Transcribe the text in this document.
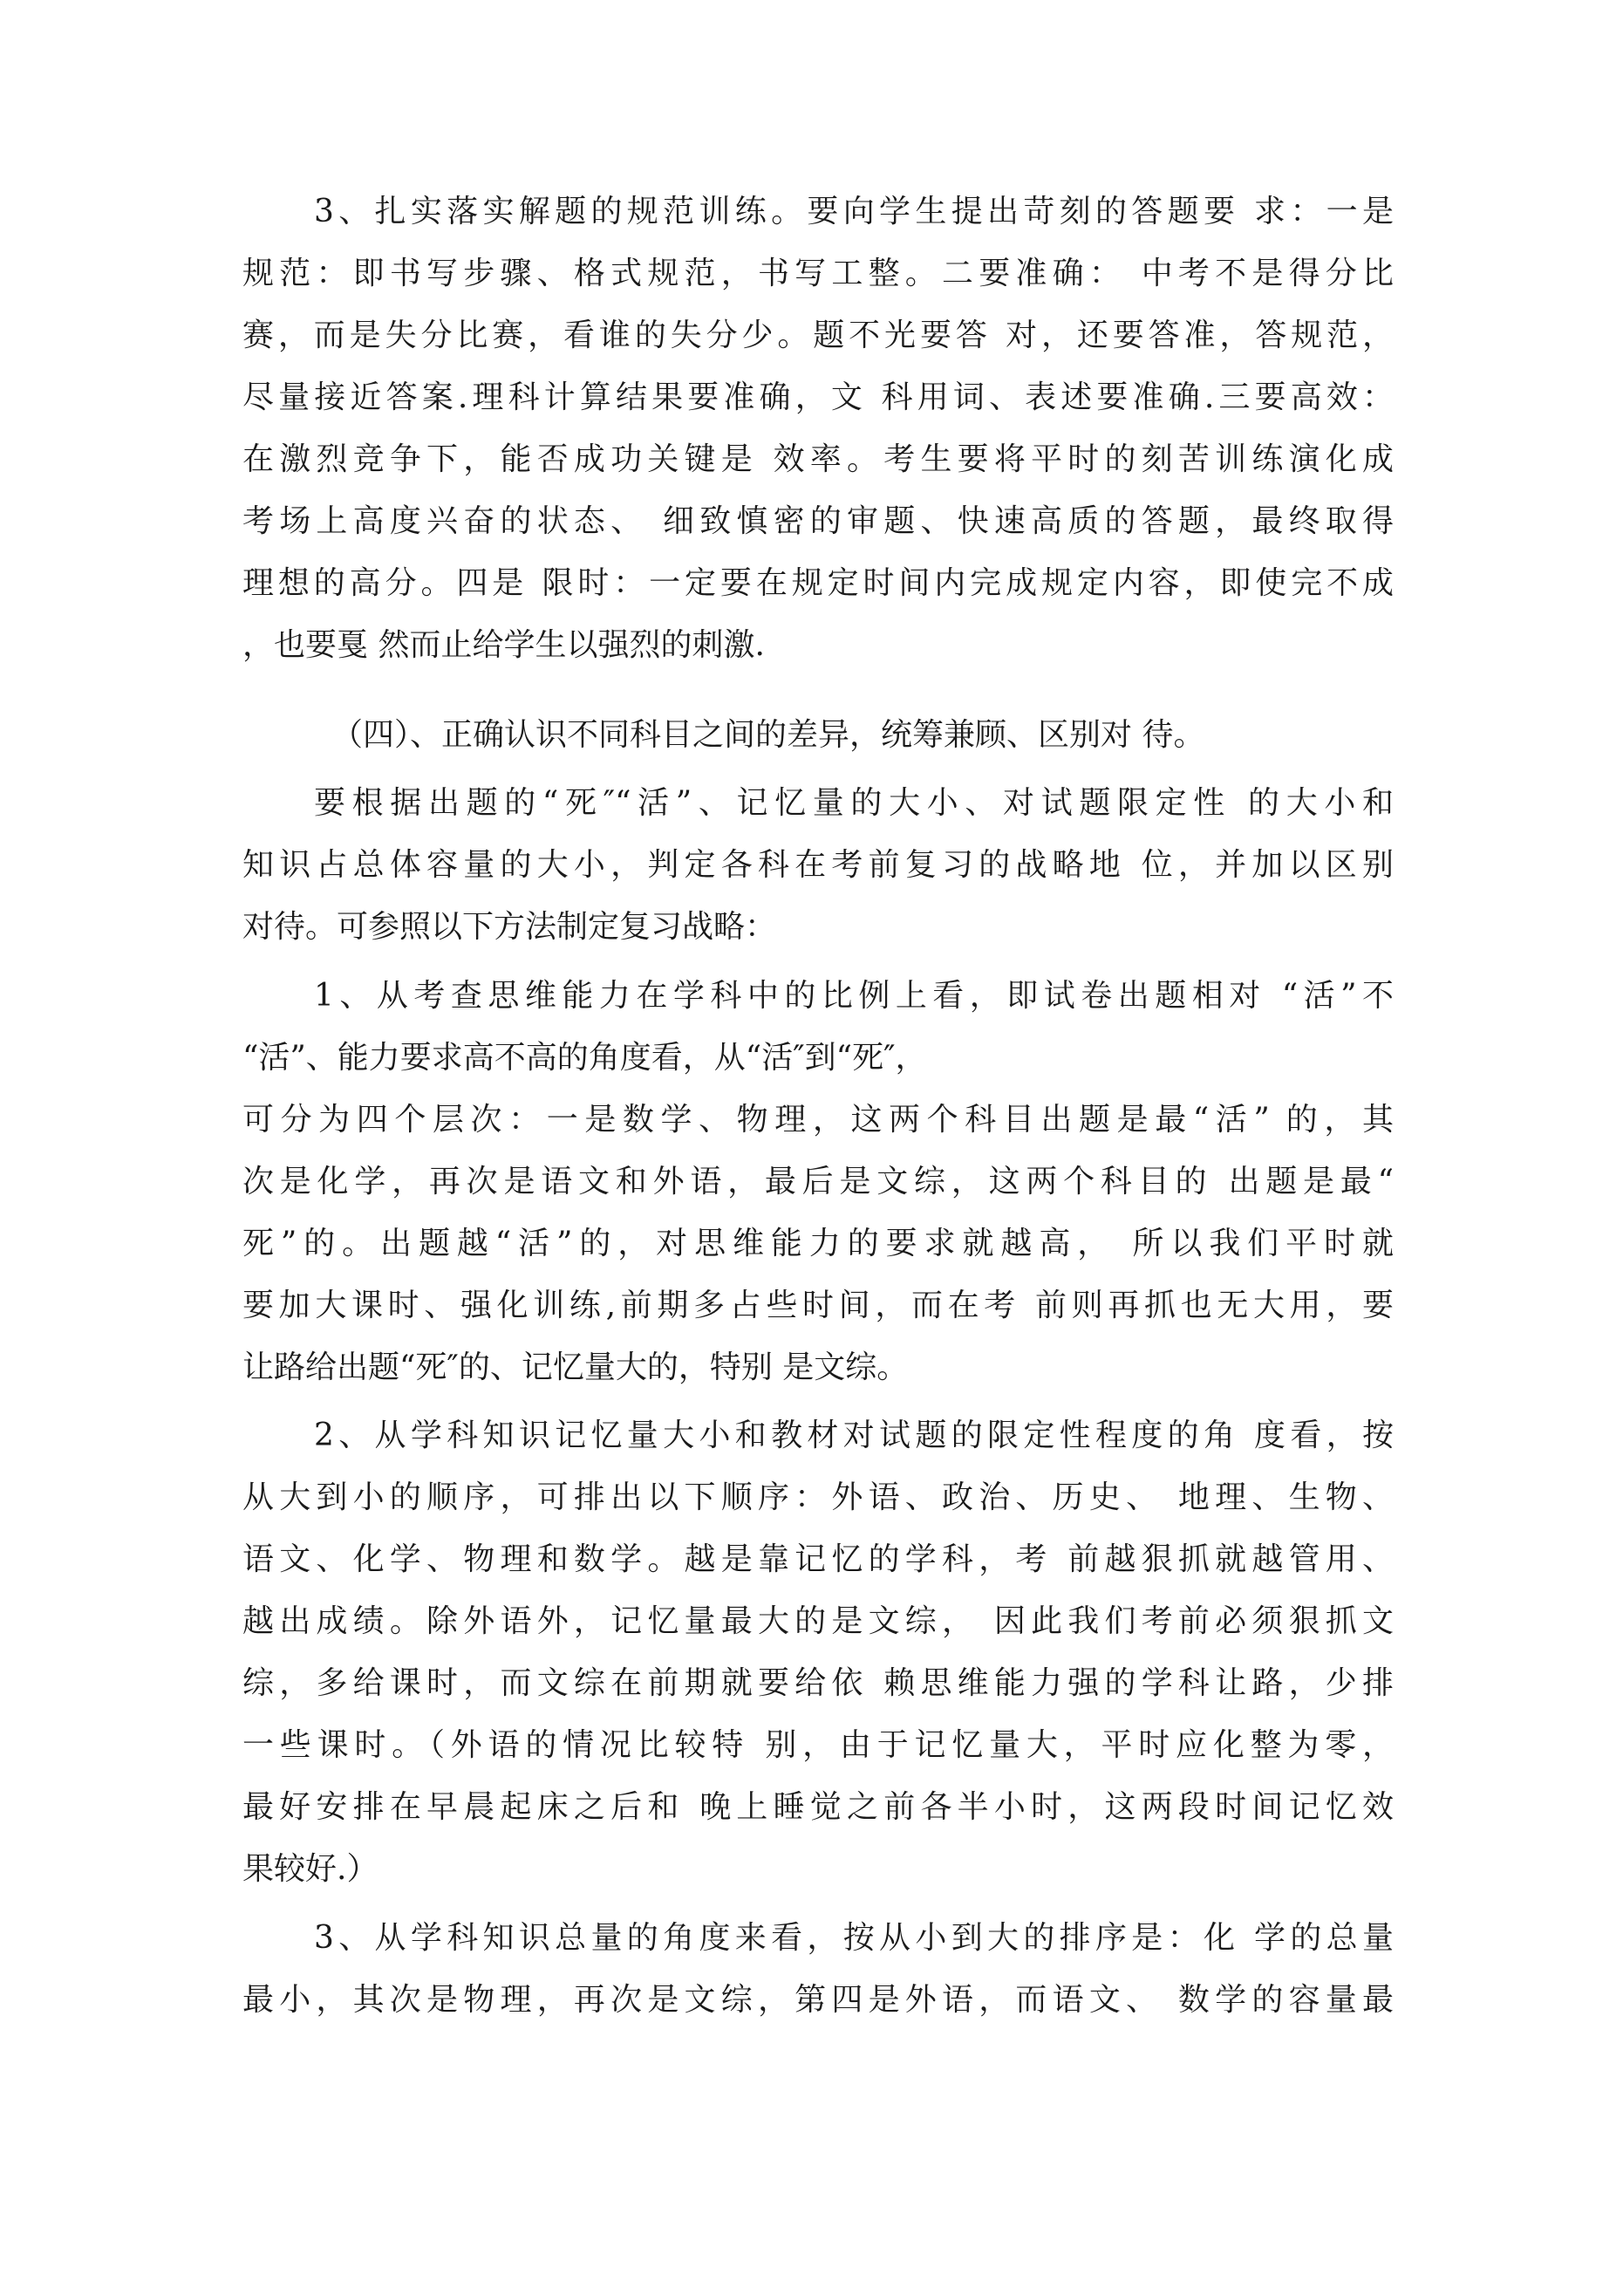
3、扎实落实解题的规范训练。要向学生提出苛刻的答题要 求：一是
规范：即书写步骤、格式规范，书写工整。二要准确： 中考不是得分比
赛，而是失分比赛，看谁的失分少。题不光要答 对，还要答准，答规范，
尽量接近答案.理科计算结果要准确，文 科用词、表述要准确.三要高效：
在激烈竞争下，能否成功关键是 效率。考生要将平时的刻苦训练演化成
考场上高度兴奋的状态、 细致慎密的审题、快速高质的答题，最终取得
理想的高分。四是 限时：一定要在规定时间内完成规定内容，即使完不成
，也要戛 然而止给学生以强烈的刺激.
（四）、正确认识不同科目之间的差异，统筹兼顾、区别对 待。
要根据出题的“死″“活”、记忆量的大小、对试题限定性 的大小和
知识占总体容量的大小，判定各科在考前复习的战略地 位，并加以区别
对待。可参照以下方法制定复习战略：
1、从考查思维能力在学科中的比例上看，即试卷出题相对 “活”不
“活”、能力要求高不高的角度看，从“活″到“死″，
可分为四个层次：一是数学、物理，这两个科目出题是最“活” 的，其
次是化学，再次是语文和外语，最后是文综，这两个科目的 出题是最“
死”的。出题越“活”的，对思维能力的要求就越高， 所以我们平时就
要加大课时、强化训练,前期多占些时间，而在考 前则再抓也无大用，要
让路给出题“死″的、记忆量大的，特别 是文综。
2、从学科知识记忆量大小和教材对试题的限定性程度的角 度看，按
从大到小的顺序，可排出以下顺序：外语、政治、历史、 地理、生物、
语文、化学、物理和数学。越是靠记忆的学科，考 前越狠抓就越管用、
越出成绩。除外语外，记忆量最大的是文综， 因此我们考前必须狠抓文
综，多给课时，而文综在前期就要给依 赖思维能力强的学科让路，少排
一些课时。（外语的情况比较特 别，由于记忆量大，平时应化整为零，
最好安排在早晨起床之后和 晚上睡觉之前各半小时，这两段时间记忆效
果较好.）
3、从学科知识总量的角度来看，按从小到大的排序是：化 学的总量
最小，其次是物理，再次是文综，第四是外语，而语文、 数学的容量最
